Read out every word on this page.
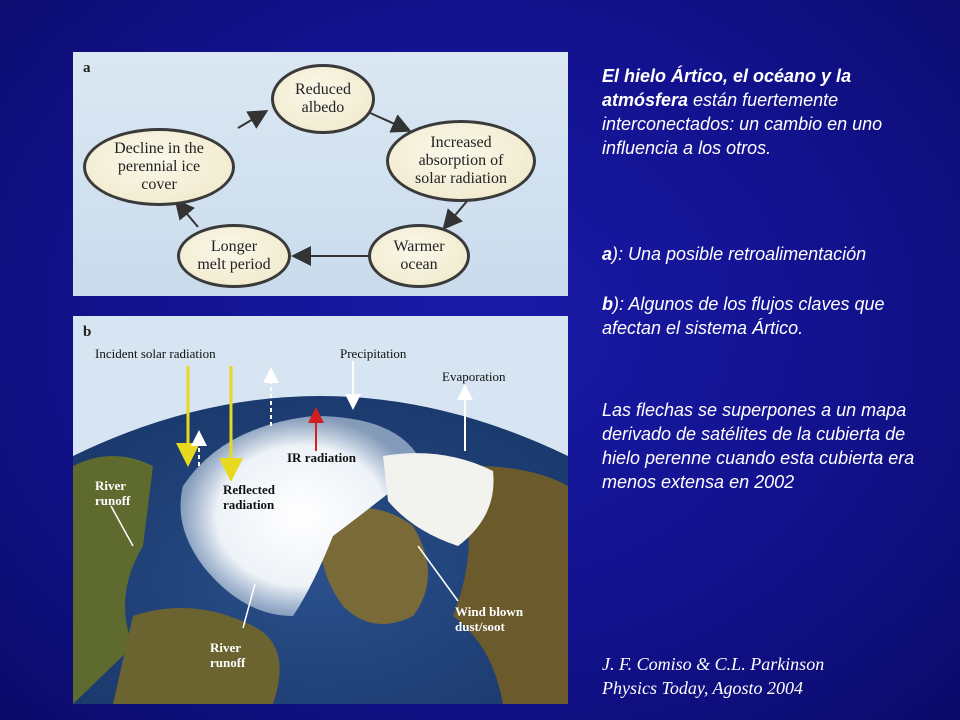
a
Reduced
albedo
Increased
absorption of
solar radiation
Warmer
ocean
Longer
melt period
Decline in the
perennial ice
cover
b
Incident solar radiation	Precipitation
Evaporation
IR radiation
Reflected
radiation
River
runoff
River
runoff
Wind blown
dust/soot
El hielo Ártico, el océano y la atmósfera están fuertemente interconectados: un cambio en uno influencia a los otros.
a): Una posible retroalimentación
b): Algunos de los flujos claves que afectan el sistema Ártico.
Las flechas se superpones a un mapa derivado de satélites de la cubierta de hielo perenne cuando esta cubierta era menos extensa en 2002
J. F. Comiso & C.L. Parkinson
Physics Today, Agosto 2004
